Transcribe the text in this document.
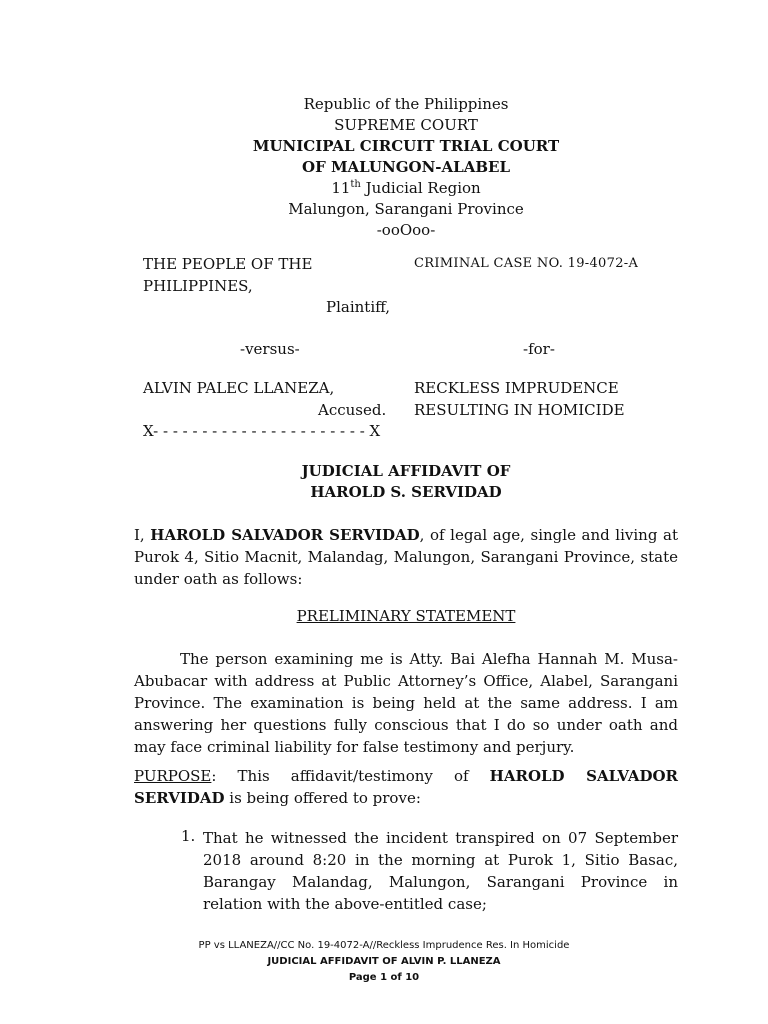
Republic of the Philippines
SUPREME COURT
MUNICIPAL CIRCUIT TRIAL COURT
OF MALUNGON-ALABEL
11th Judicial Region
Malungon, Sarangani Province
-ooOoo-
THE PEOPLE OF THE
PHILIPPINES,
Plaintiff,
-versus-
ALVIN PALEC LLANEZA,
Accused.
X- - - - - - - - - - - - - - - - - - - - - - X
CRIMINAL CASE NO. 19-4072-A
-for-
RECKLESS IMPRUDENCE
RESULTING IN HOMICIDE
JUDICIAL AFFIDAVIT OF
HAROLD S. SERVIDAD
I, HAROLD SALVADOR SERVIDAD, of legal age, single and living at Purok 4, Sitio Macnit, Malandag, Malungon, Sarangani Province, state under oath as follows:
PRELIMINARY STATEMENT
The person examining me is Atty. Bai Alefha Hannah M. Musa-Abubacar with address at Public Attorney’s Office, Alabel, Sarangani Province. The examination is being held at the same address. I am answering her questions fully conscious that I do so under oath and may face criminal liability for false testimony and perjury.
PURPOSE: This affidavit/testimony of HAROLD SALVADOR SERVIDAD is being offered to prove:
1. That he witnessed the incident transpired on 07 September 2018 around 8:20 in the morning at Purok 1, Sitio Basac, Barangay Malandag, Malungon, Sarangani Province in relation with the above-entitled case;
PP vs LLANEZA//CC No. 19-4072-A//Reckless Imprudence Res. In Homicide
JUDICIAL AFFIDAVIT OF ALVIN P. LLANEZA
Page 1 of 10
